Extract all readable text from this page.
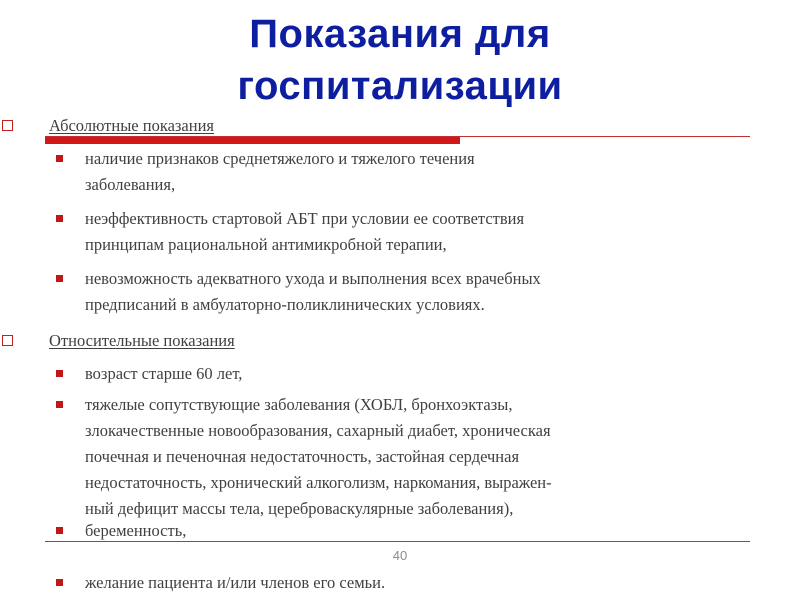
Показания для
госпитализации
Абсолютные показания
наличие признаков среднетяжелого и тяжелого течения
заболевания,
неэффективность стартовой АБТ при условии ее соответствия
принципам рациональной антимикробной терапии,
невозможность адекватного ухода и выполнения всех врачебных
предписаний в амбулаторно-поликлинических условиях.
Относительные показания
возраст старше 60 лет,
тяжелые сопутствующие заболевания (ХОБЛ, бронхоэктазы,
злокачественные новообразования, сахарный диабет, хроническая
почечная и печеночная недостаточность, застойная сердечная
недостаточность, хронический алкоголизм, наркомания, выражен-
ный дефицит массы тела, цереброваскулярные заболевания),
беременность,
желание пациента и/или членов его семьи.
40
